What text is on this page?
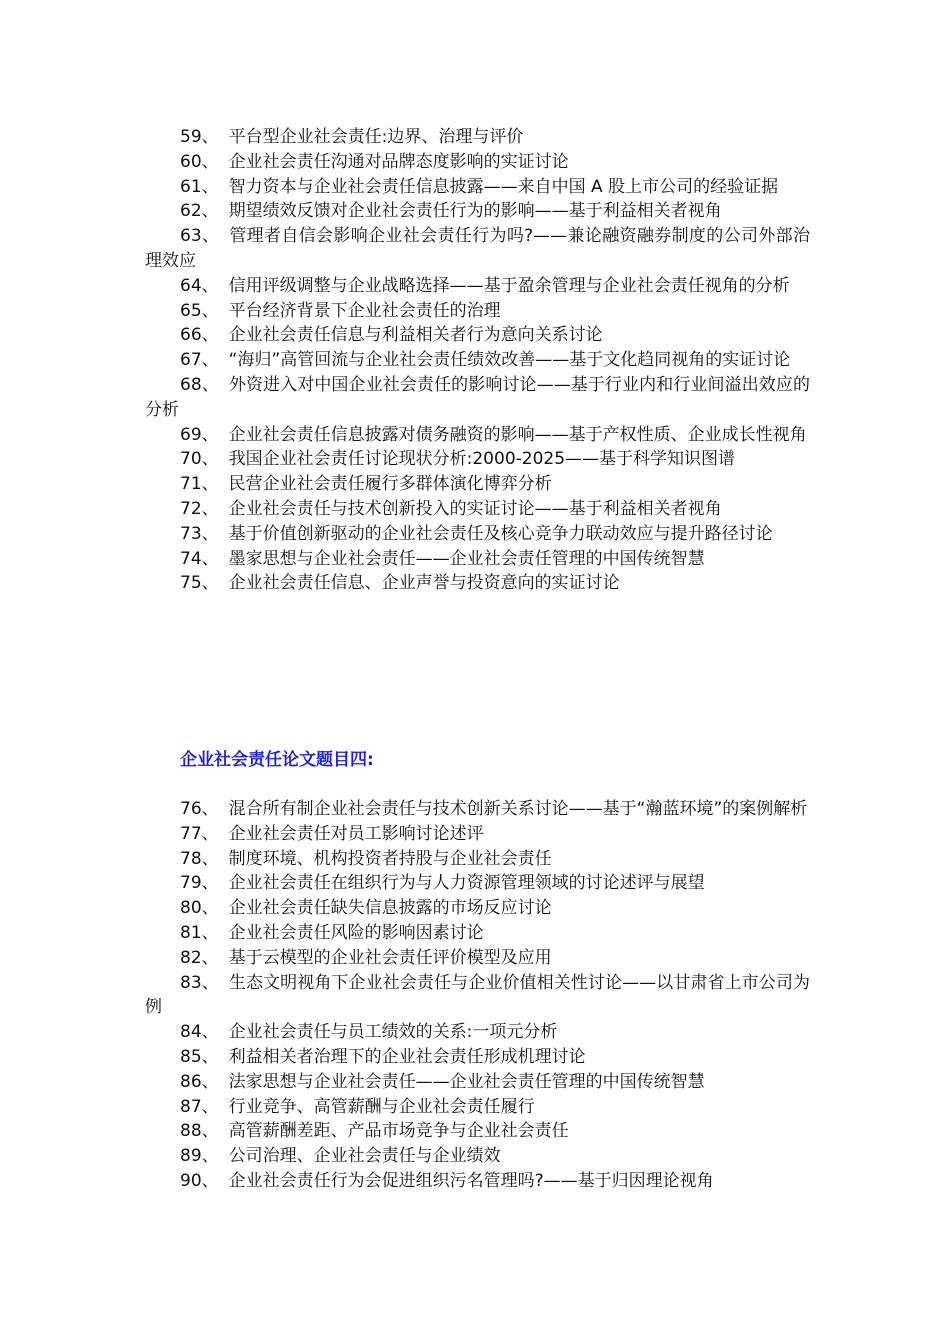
59、 平台型企业社会责任:边界、治理与评价
60、 企业社会责任沟通对品牌态度影响的实证讨论
61、 智力资本与企业社会责任信息披露——来自中国 A 股上市公司的经验证据
62、 期望绩效反馈对企业社会责任行为的影响——基于利益相关者视角
63、 管理者自信会影响企业社会责任行为吗?——兼论融资融券制度的公司外部治理效应
64、 信用评级调整与企业战略选择——基于盈余管理与企业社会责任视角的分析
65、 平台经济背景下企业社会责任的治理
66、 企业社会责任信息与利益相关者行为意向关系讨论
67、 “海归”高管回流与企业社会责任绩效改善——基于文化趋同视角的实证讨论
68、 外资进入对中国企业社会责任的影响讨论——基于行业内和行业间溢出效应的分析
69、 企业社会责任信息披露对债务融资的影响——基于产权性质、企业成长性视角
70、 我国企业社会责任讨论现状分析:2000-2025——基于科学知识图谱
71、 民营企业社会责任履行多群体演化博弈分析
72、 企业社会责任与技术创新投入的实证讨论——基于利益相关者视角
73、 基于价值创新驱动的企业社会责任及核心竞争力联动效应与提升路径讨论
74、 墨家思想与企业社会责任——企业社会责任管理的中国传统智慧
75、 企业社会责任信息、企业声誉与投资意向的实证讨论
企业社会责任论文题目四:
76、 混合所有制企业社会责任与技术创新关系讨论——基于“瀚蓝环境”的案例解析
77、 企业社会责任对员工影响讨论述评
78、 制度环境、机构投资者持股与企业社会责任
79、 企业社会责任在组织行为与人力资源管理领域的讨论述评与展望
80、 企业社会责任缺失信息披露的市场反应讨论
81、 企业社会责任风险的影响因素讨论
82、 基于云模型的企业社会责任评价模型及应用
83、 生态文明视角下企业社会责任与企业价值相关性讨论——以甘肃省上市公司为例
84、 企业社会责任与员工绩效的关系:一项元分析
85、 利益相关者治理下的企业社会责任形成机理讨论
86、 法家思想与企业社会责任——企业社会责任管理的中国传统智慧
87、 行业竞争、高管薪酬与企业社会责任履行
88、 高管薪酬差距、产品市场竞争与企业社会责任
89、 公司治理、企业社会责任与企业绩效
90、 企业社会责任行为会促进组织污名管理吗?——基于归因理论视角
